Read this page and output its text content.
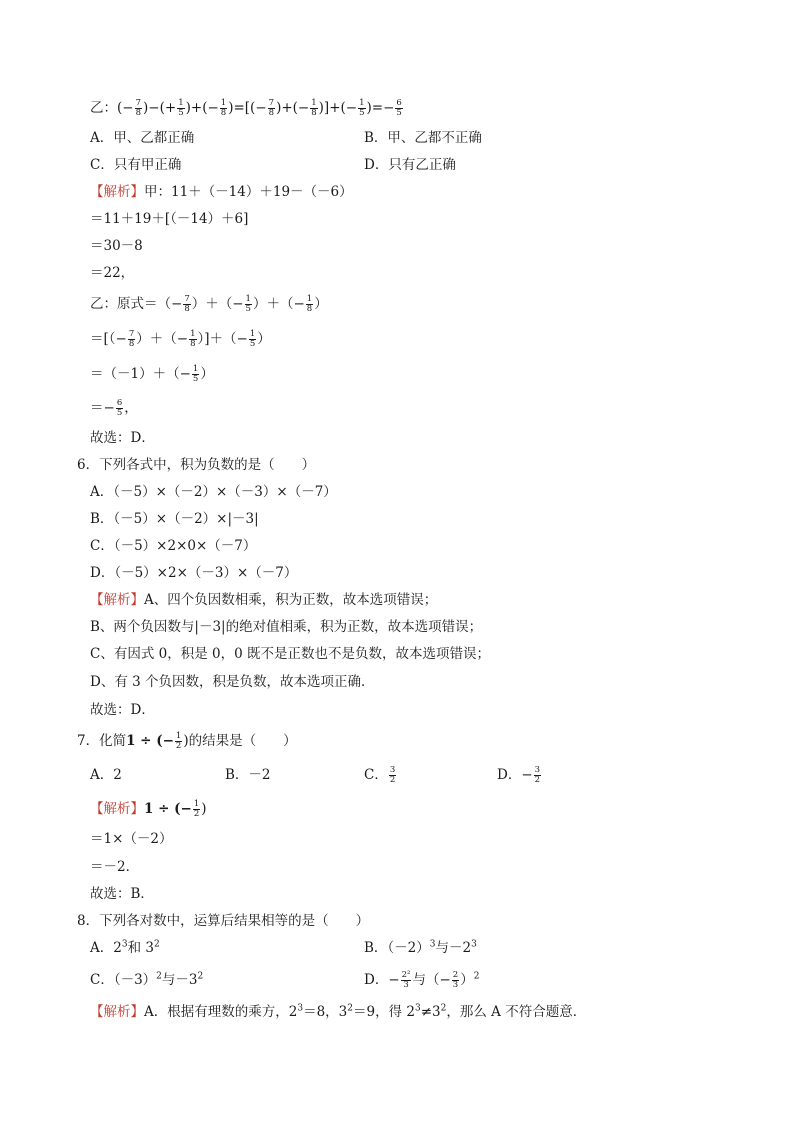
乙：(− $\frac{7}{8}$ )−(+ $\frac{1}{5}$ )+(− $\frac{1}{8}$ )=[(− $\frac{7}{8}$ )+(− $\frac{1}{8}$ )]+(− $\frac{1}{5}$ )=− $\frac{6}{5}$
A．甲、乙都正确	B．甲、乙都不正确
C．只有甲正确	D．只有乙正确
【解析】甲：11＋（－14）＋19－（－6）
＝11＋19＋[（－14）＋6]
＝30－8
＝22，
乙：原式＝（− $\frac{7}{8}$ ）＋（− $\frac{1}{5}$ ）＋（− $\frac{1}{8}$ ）
＝[（− $\frac{7}{8}$ ）＋（− $\frac{1}{8}$ ）]＋（− $\frac{1}{5}$ ）
$=(-1)+(- \frac{1}{5}$ ）
＝− $\frac{6}{5}$ ，
故选：D．
6．下列各式中，积为负数的是（　　）
A．（－5）×（－2）×（－3）×（－7）
B．（－5）×（－2）×|－3|
C．（－5）×2×0×（－7）
D．（－5）×2×（－3）×（－7）
【解析】A、四个负因数相乘，积为正数，故本选项错误；
B、两个负因数与|－3|的绝对值相乘，积为正数，故本选项错误；
C、有因式 0，积是 0，0 既不是正数也不是负数，故本选项错误；
D、有 3 个负因数，积是负数，故本选项正确．
故选：D．
7．化简1 ÷ (− $\frac{1}{2}$ )的结果是（　　）
A．2	B．－2	C． $\frac{3}{2}$	D．− $\frac{3}{2}$
【解析】1 ÷ (− $\frac{1}{2}$ )
＝1×（－2）
＝－2．
故选：B．
8．下列各对数中，运算后结果相等的是（　　）
A．$2^3$和 $3^2$	B．$(-2)^3$与$-2^3$
C．$(-3)^2$与$-3^2$	D．− $\frac{\text{2²}}{3}$ 与（− $\frac{2}{3} )^2$
【解析】A．根据有理数的乘方，$2^3=8$，$3^2=9$，得 $2^3\ne 3^2$，那么 A 不符合题意．
